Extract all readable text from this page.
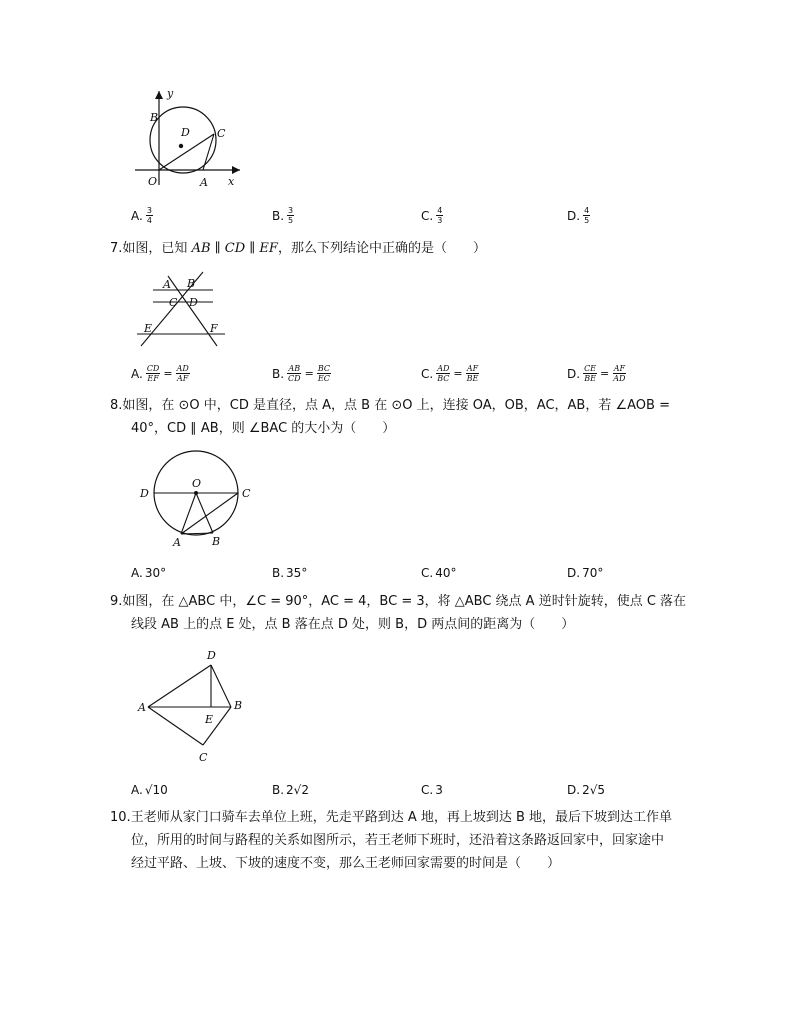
y
x
B
D C
O	A
A. $\frac{3}{4}$	B. $\frac{3}{5}$	C. $\frac{4}{3}$	D. $\frac{4}{5}$
7.如图，已知 AB ∥ CD ∥ EF，那么下列结论中正确的是（　　）
A B
C D
E	F
A. $\frac{CD}{EF} = \frac{AD}{AF}$	B. $\frac{AB}{CD} = \frac{BC}{EC}$	C. $\frac{AD}{BC} = \frac{AF}{BE}$	D. $\frac{CE}{BE} = \frac{AF}{AD}$
8.如图，在 ⊙O 中，CD 是直径，点 A，点 B 在 ⊙O 上，连接 OA，OB，AC，AB，若 ∠AOB =
40°，CD ∥ AB，则 ∠BAC 的大小为（　　）
O
D	C
A	B
A. 30°	B. 35°	C. 40°	D. 70°
9.如图，在 △ABC 中，∠C = 90°，AC = 4，BC = 3，将 △ABC 绕点 A 逆时针旋转，使点 C 落在
线段 AB 上的点 E 处，点 B 落在点 D 处，则 B，D 两点间的距离为（　　）
D
A
E
B
C
A. √10	B. 2√2	C. 3	D. 2√5
10.王老师从家门口骑车去单位上班，先走平路到达 A 地，再上坡到达 B 地，最后下坡到达工作单
位，所用的时间与路程的关系如图所示，若王老师下班时，还沿着这条路返回家中，回家途中
经过平路、上坡、下坡的速度不变，那么王老师回家需要的时间是（　　）
